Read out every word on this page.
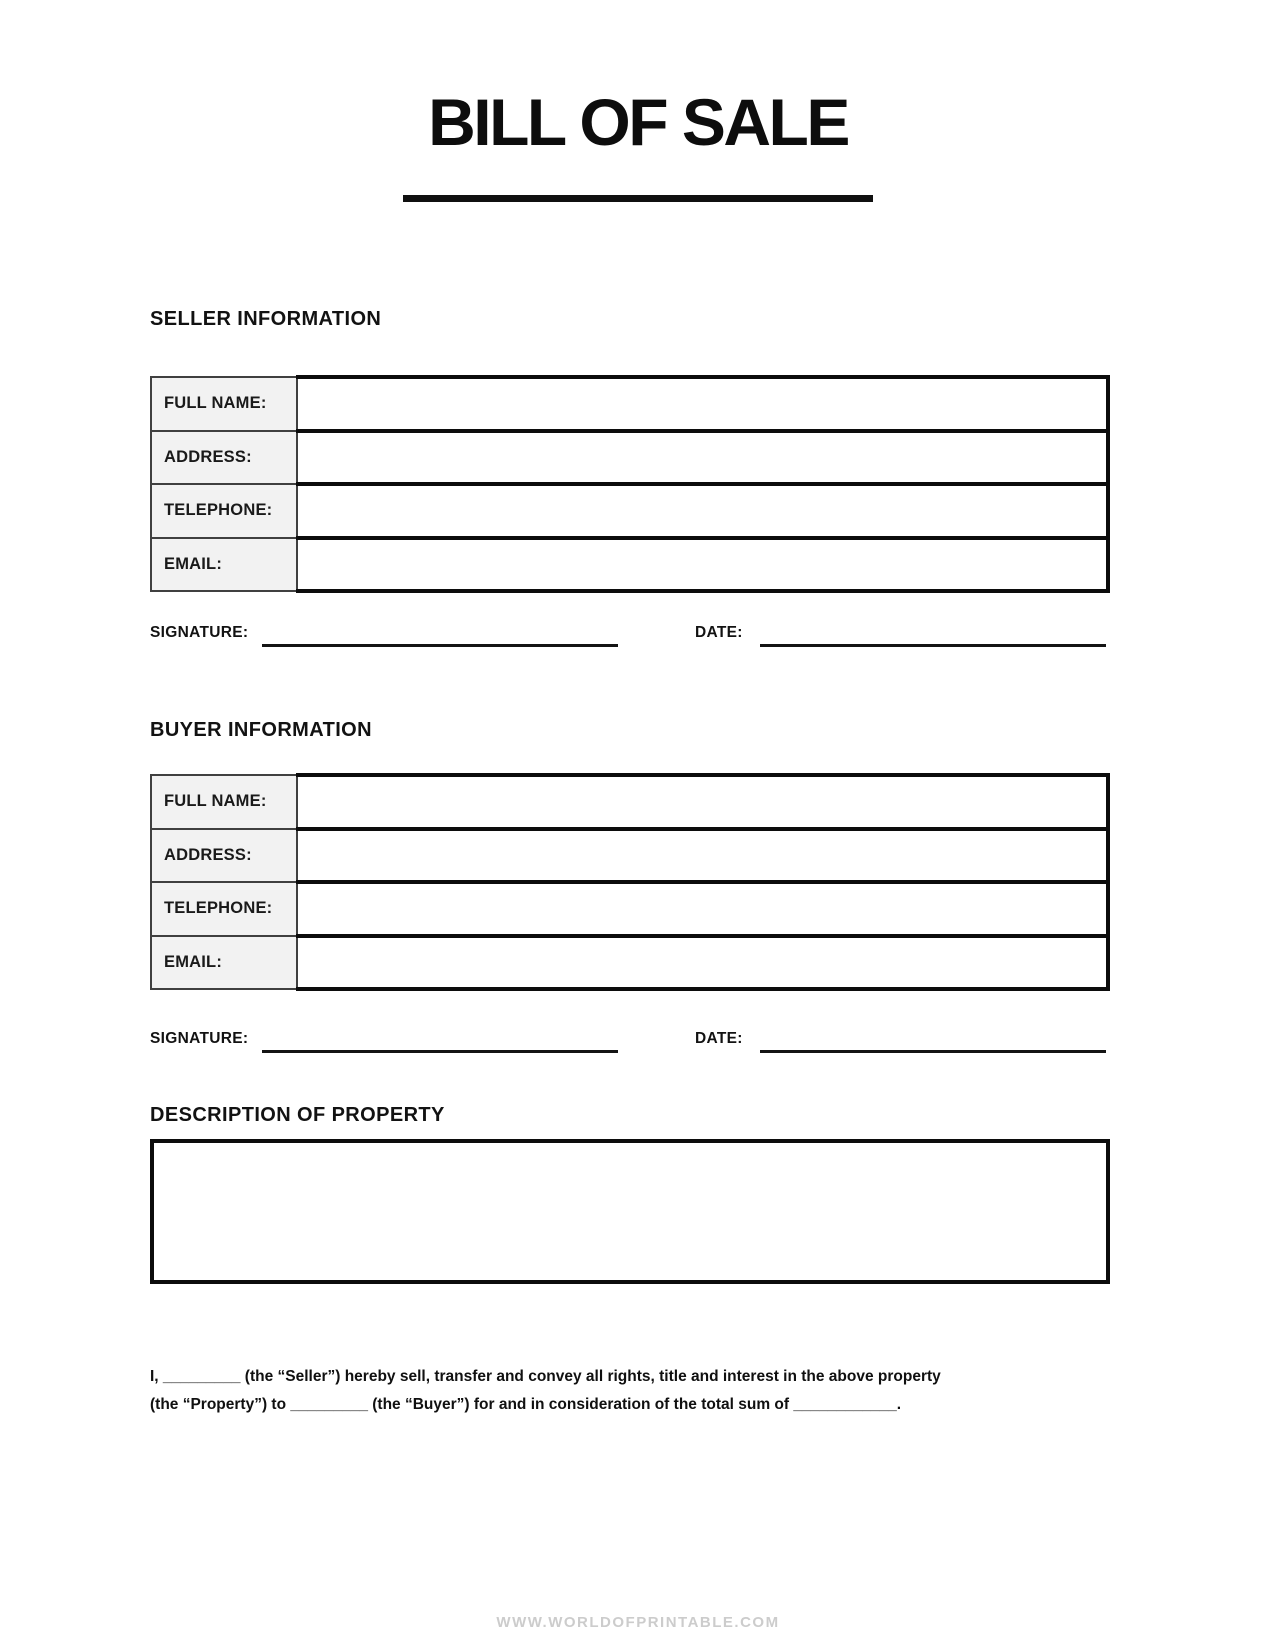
BILL OF SALE
SELLER INFORMATION
FULL NAME:	
ADDRESS:	
TELEPHONE:	
EMAIL:	
SIGNATURE:	DATE:
BUYER INFORMATION
FULL NAME:	
ADDRESS:	
TELEPHONE:	
EMAIL:	
SIGNATURE:	DATE:
DESCRIPTION OF PROPERTY
I, _________ (the “Seller”) hereby sell, transfer and convey all rights, title and interest in the above property
(the “Property”) to _________ (the “Buyer”) for and in consideration of the total sum of ____________.
WWW.WORLDOFPRINTABLE.COM
